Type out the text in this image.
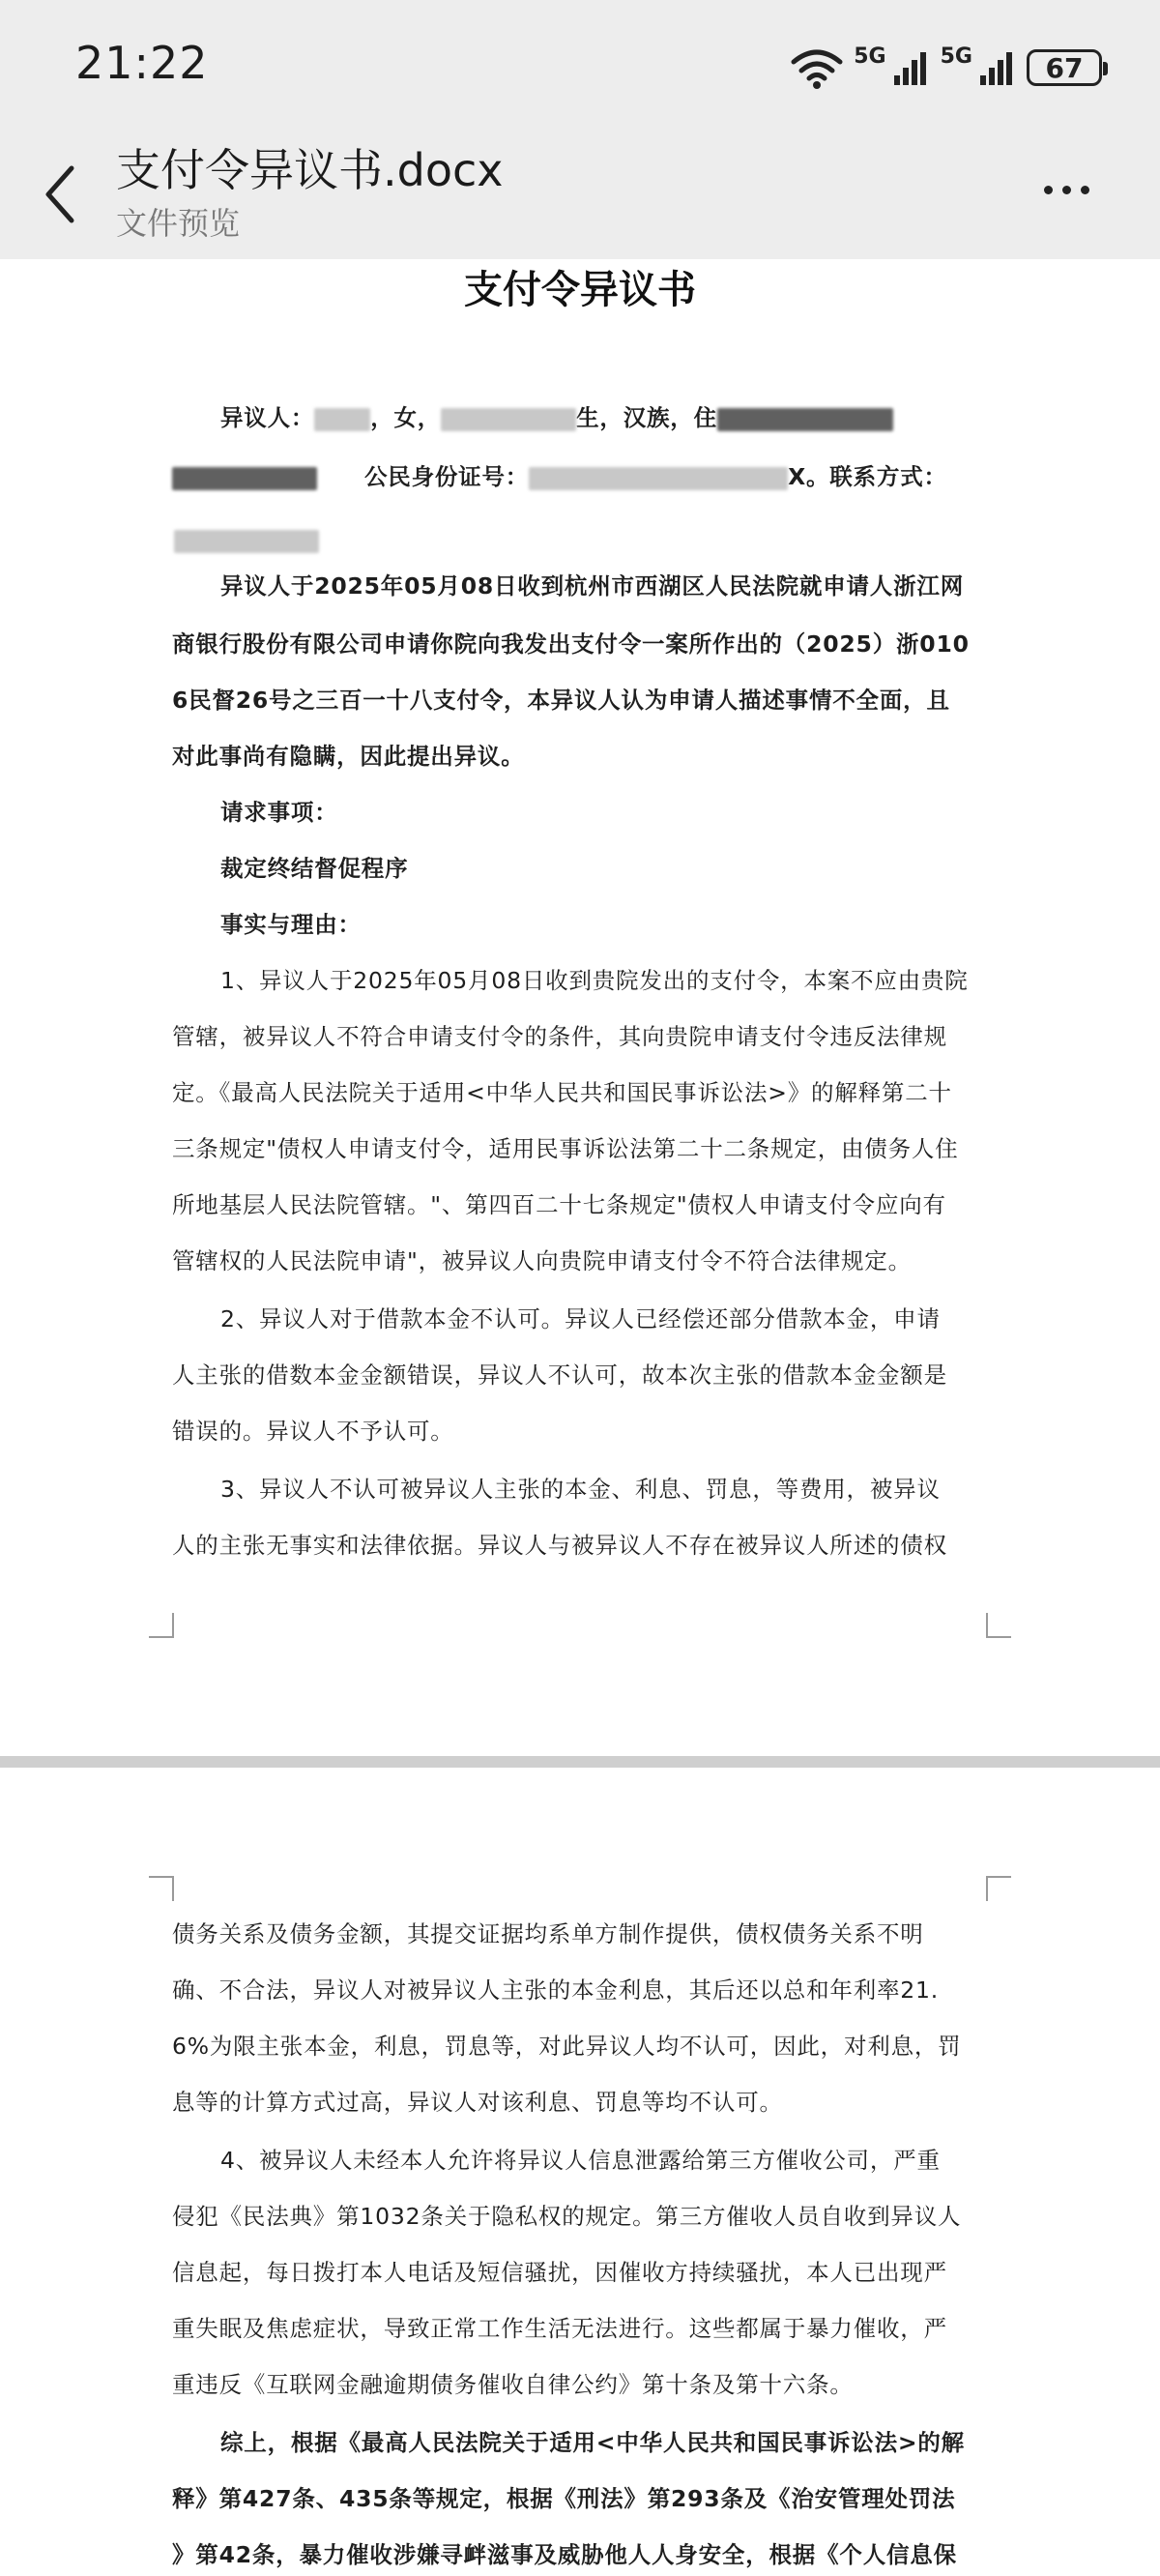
21:22	5G	5G	67
支付令异议书.docx
文件预览
支付令异议书
异议人： ，女，	生，汉族，住
公民身份证号：	X。联系方式：
异议人于2025年05月08日收到杭州市西湖区人民法院就申请人浙江网
商银行股份有限公司申请你院向我发出支付令一案所作出的（2025）浙010
6民督26号之三百一十八支付令，本异议人认为申请人描述事情不全面，且
对此事尚有隐瞒，因此提出异议。
请求事项：
裁定终结督促程序
事实与理由：
1、异议人于2025年05月08日收到贵院发出的支付令，本案不应由贵院
管辖，被异议人不符合申请支付令的条件，其向贵院申请支付令违反法律规
定。《最高人民法院关于适用<中华人民共和国民事诉讼法>》的解释第二十
三条规定"债权人申请支付令，适用民事诉讼法第二十二条规定，由债务人住
所地基层人民法院管辖。"、第四百二十七条规定"债权人申请支付令应向有
管辖权的人民法院申请"，被异议人向贵院申请支付令不符合法律规定。
2、异议人对于借款本金不认可。异议人已经偿还部分借款本金，申请
人主张的借数本金金额错误，异议人不认可，故本次主张的借款本金金额是
错误的。异议人不予认可。
3、异议人不认可被异议人主张的本金、利息、罚息，等费用，被异议
人的主张无事实和法律依据。异议人与被异议人不存在被异议人所述的债权
债务关系及债务金额，其提交证据均系单方制作提供，债权债务关系不明
确、不合法，异议人对被异议人主张的本金利息，其后还以总和年利率21.
6%为限主张本金，利息，罚息等，对此异议人均不认可，因此，对利息，罚
息等的计算方式过高，异议人对该利息、罚息等均不认可。
4、被异议人未经本人允许将异议人信息泄露给第三方催收公司，严重
侵犯《民法典》第1032条关于隐私权的规定。第三方催收人员自收到异议人
信息起，每日拨打本人电话及短信骚扰，因催收方持续骚扰，本人已出现严
重失眠及焦虑症状，导致正常工作生活无法进行。这些都属于暴力催收，严
重违反《互联网金融逾期债务催收自律公约》第十条及第十六条。
综上，根据《最高人民法院关于适用<中华人民共和国民事诉讼法>的解
释》第427条、435条等规定，根据《刑法》第293条及《治安管理处罚法
》第42条，暴力催收涉嫌寻衅滋事及威胁他人人身安全，根据《个人信息保
